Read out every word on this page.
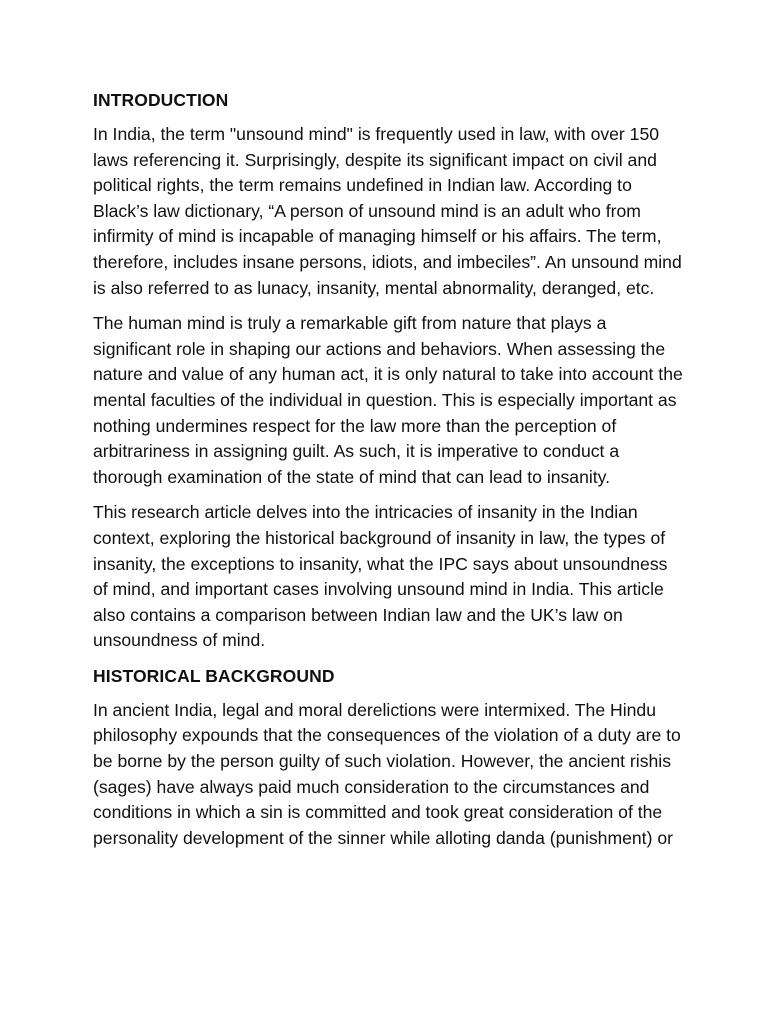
INTRODUCTION

In India, the term "unsound mind" is frequently used in law, with over 150 laws referencing it. Surprisingly, despite its significant impact on civil and political rights, the term remains undefined in Indian law. According to Black’s law dictionary, “A person of unsound mind is an adult who from infirmity of mind is incapable of managing himself or his affairs. The term, therefore, includes insane persons, idiots, and imbeciles”. An unsound mind is also referred to as lunacy, insanity, mental abnormality, deranged, etc.

The human mind is truly a remarkable gift from nature that plays a significant role in shaping our actions and behaviors. When assessing the nature and value of any human act, it is only natural to take into account the mental faculties of the individual in question. This is especially important as nothing undermines respect for the law more than the perception of arbitrariness in assigning guilt. As such, it is imperative to conduct a thorough examination of the state of mind that can lead to insanity.

This research article delves into the intricacies of insanity in the Indian context, exploring the historical background of insanity in law, the types of insanity, the exceptions to insanity, what the IPC says about unsoundness of mind, and important cases involving unsound mind in India. This article also contains a comparison between Indian law and the UK’s law on unsoundness of mind.

HISTORICAL BACKGROUND

In ancient India, legal and moral derelictions were intermixed. The Hindu philosophy expounds that the consequences of the violation of a duty are to be borne by the person guilty of such violation. However, the ancient rishis (sages) have always paid much consideration to the circumstances and conditions in which a sin is committed and took great consideration of the personality development of the sinner while alloting danda (punishment) or
